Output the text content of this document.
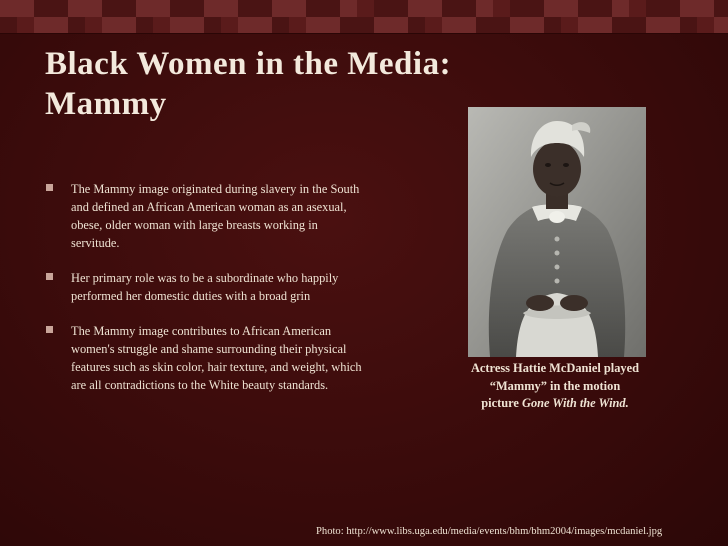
Black Women in the Media:
Mammy
The Mammy image originated during slavery in the South and defined an African American woman as an asexual, obese, older woman with large breasts working in servitude.
Her primary role was to be a subordinate who happily performed her domestic duties with a broad grin
The Mammy image contributes to African American women's struggle and shame surrounding their physical features such as skin color, hair texture, and weight, which are all contradictions to the White beauty standards.
Actress Hattie McDaniel played “Mammy” in the motion picture Gone With the Wind.
Photo: http://www.libs.uga.edu/media/events/bhm/bhm2004/images/mcdaniel.jpg
